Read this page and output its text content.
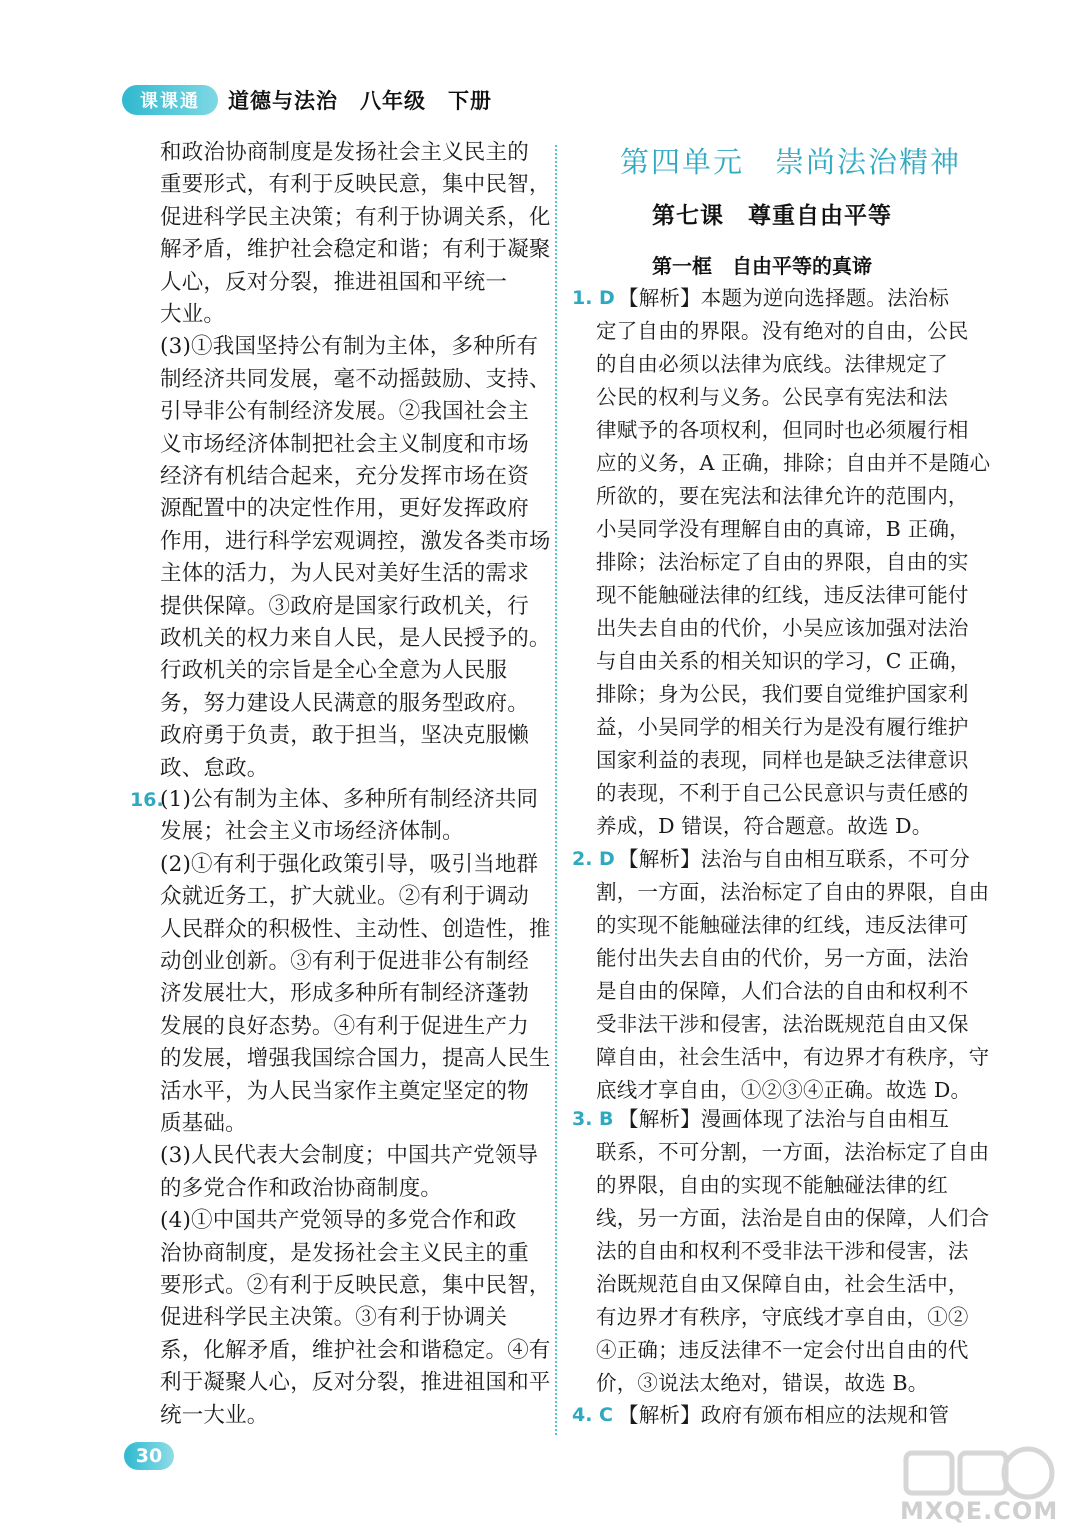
课课通	道德与法治　八年级　下册
16.
和政治协商制度是发扬社会主义民主的
重要形式，有利于反映民意，集中民智，
促进科学民主决策；有利于协调关系，化
解矛盾，维护社会稳定和谐；有利于凝聚
人心，反对分裂，推进祖国和平统一
大业。
(3)①我国坚持公有制为主体，多种所有
制经济共同发展，毫不动摇鼓励、支持、
引导非公有制经济发展。②我国社会主
义市场经济体制把社会主义制度和市场
经济有机结合起来，充分发挥市场在资
源配置中的决定性作用，更好发挥政府
作用，进行科学宏观调控，激发各类市场
主体的活力，为人民对美好生活的需求
提供保障。③政府是国家行政机关，行
政机关的权力来自人民，是人民授予的。
行政机关的宗旨是全心全意为人民服
务，努力建设人民满意的服务型政府。
政府勇于负责，敢于担当，坚决克服懒
政、怠政。
(1)公有制为主体、多种所有制经济共同
发展；社会主义市场经济体制。
(2)①有利于强化政策引导，吸引当地群
众就近务工，扩大就业。②有利于调动
人民群众的积极性、主动性、创造性，推
动创业创新。③有利于促进非公有制经
济发展壮大，形成多种所有制经济蓬勃
发展的良好态势。④有利于促进生产力
的发展，增强我国综合国力，提高人民生
活水平，为人民当家作主奠定坚定的物
质基础。
(3)人民代表大会制度；中国共产党领导
的多党合作和政治协商制度。
(4)①中国共产党领导的多党合作和政
治协商制度，是发扬社会主义民主的重
要形式。②有利于反映民意，集中民智，
促进科学民主决策。③有利于协调关
系，化解矛盾，维护社会和谐稳定。④有
利于凝聚人心，反对分裂，推进祖国和平
统一大业。
第四单元　崇尚法治精神
第七课　尊重自由平等
第一框　自由平等的真谛
1. D
2. D
3. B
4. C
【解析】本题为逆向选择题。法治标
定了自由的界限。没有绝对的自由，公民
的自由必须以法律为底线。法律规定了
公民的权利与义务。公民享有宪法和法
律赋予的各项权利，但同时也必须履行相
应的义务，A 正确，排除；自由并不是随心
所欲的，要在宪法和法律允许的范围内，
小吴同学没有理解自由的真谛，B 正确，
排除；法治标定了自由的界限，自由的实
现不能触碰法律的红线，违反法律可能付
出失去自由的代价，小吴应该加强对法治
与自由关系的相关知识的学习，C 正确，
排除；身为公民，我们要自觉维护国家利
益，小吴同学的相关行为是没有履行维护
国家利益的表现，同样也是缺乏法律意识
的表现，不利于自己公民意识与责任感的
养成，D 错误，符合题意。故选 D。
【解析】法治与自由相互联系，不可分
割，一方面，法治标定了自由的界限，自由
的实现不能触碰法律的红线，违反法律可
能付出失去自由的代价，另一方面，法治
是自由的保障，人们合法的自由和权利不
受非法干涉和侵害，法治既规范自由又保
障自由，社会生活中，有边界才有秩序，守
底线才享自由，①②③④正确。故选 D。
【解析】漫画体现了法治与自由相互
联系，不可分割，一方面，法治标定了自由
的界限，自由的实现不能触碰法律的红
线，另一方面，法治是自由的保障，人们合
法的自由和权利不受非法干涉和侵害，法
治既规范自由又保障自由，社会生活中，
有边界才有秩序，守底线才享自由，①②
④正确；违反法律不一定会付出自由的代
价，③说法太绝对，错误，故选 B。
【解析】政府有颁布相应的法规和管
30
MXQE.COM
